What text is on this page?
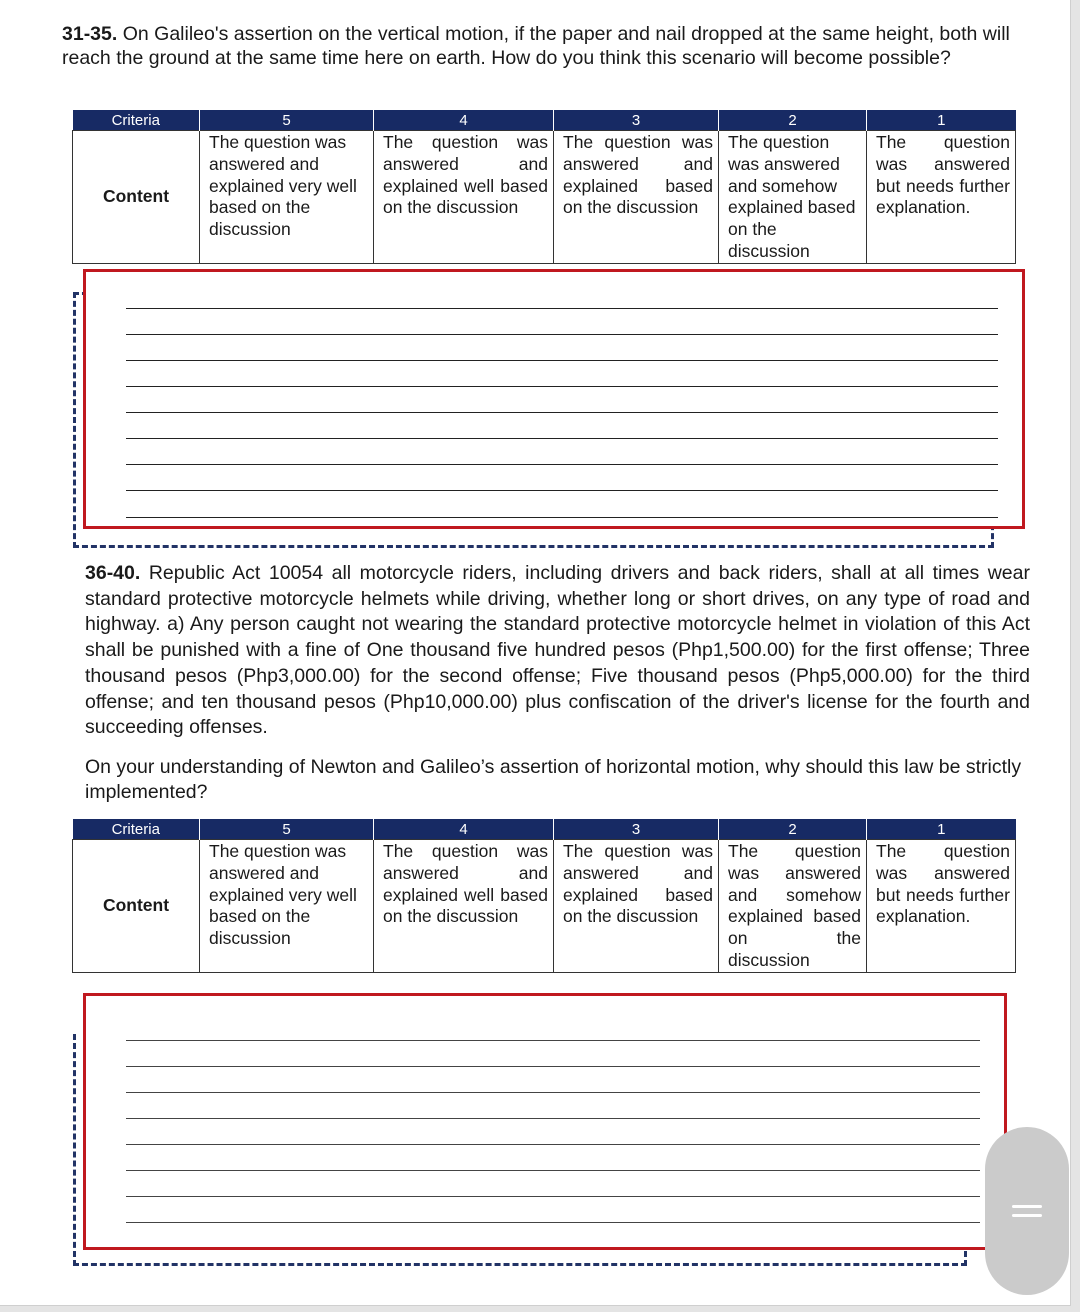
31-35. On Galileo's assertion on the vertical motion, if the paper and nail dropped at the same height, both will reach the ground at the same time here on earth. How do you think this scenario will become possible?

Criteria	5	4	3	2	1
Content	The question was answered and explained very well based on the discussion	The question was answered and explained well based on the discussion	The question was answered and explained based on the discussion	The question was answered and somehow explained based on the discussion	The question was answered but needs further explanation.

36-40. Republic Act 10054 all motorcycle riders, including drivers and back riders, shall at all times wear standard protective motorcycle helmets while driving, whether long or short drives, on any type of road and highway. a) Any person caught not wearing the standard protective motorcycle helmet in violation of this Act shall be punished with a fine of One thousand five hundred pesos (Php1,500.00) for the first offense; Three thousand pesos (Php3,000.00) for the second offense; Five thousand pesos (Php5,000.00) for the third offense; and ten thousand pesos (Php10,000.00) plus confiscation of the driver's license for the fourth and succeeding offenses.

On your understanding of Newton and Galileo’s assertion of horizontal motion, why should this law be strictly implemented?

Criteria	5	4	3	2	1
Content	The question was answered and explained very well based on the discussion	The question was answered and explained well based on the discussion	The question was answered and explained based on the discussion	The question was answered and somehow explained based on the discussion	The question was answered but needs further explanation.
